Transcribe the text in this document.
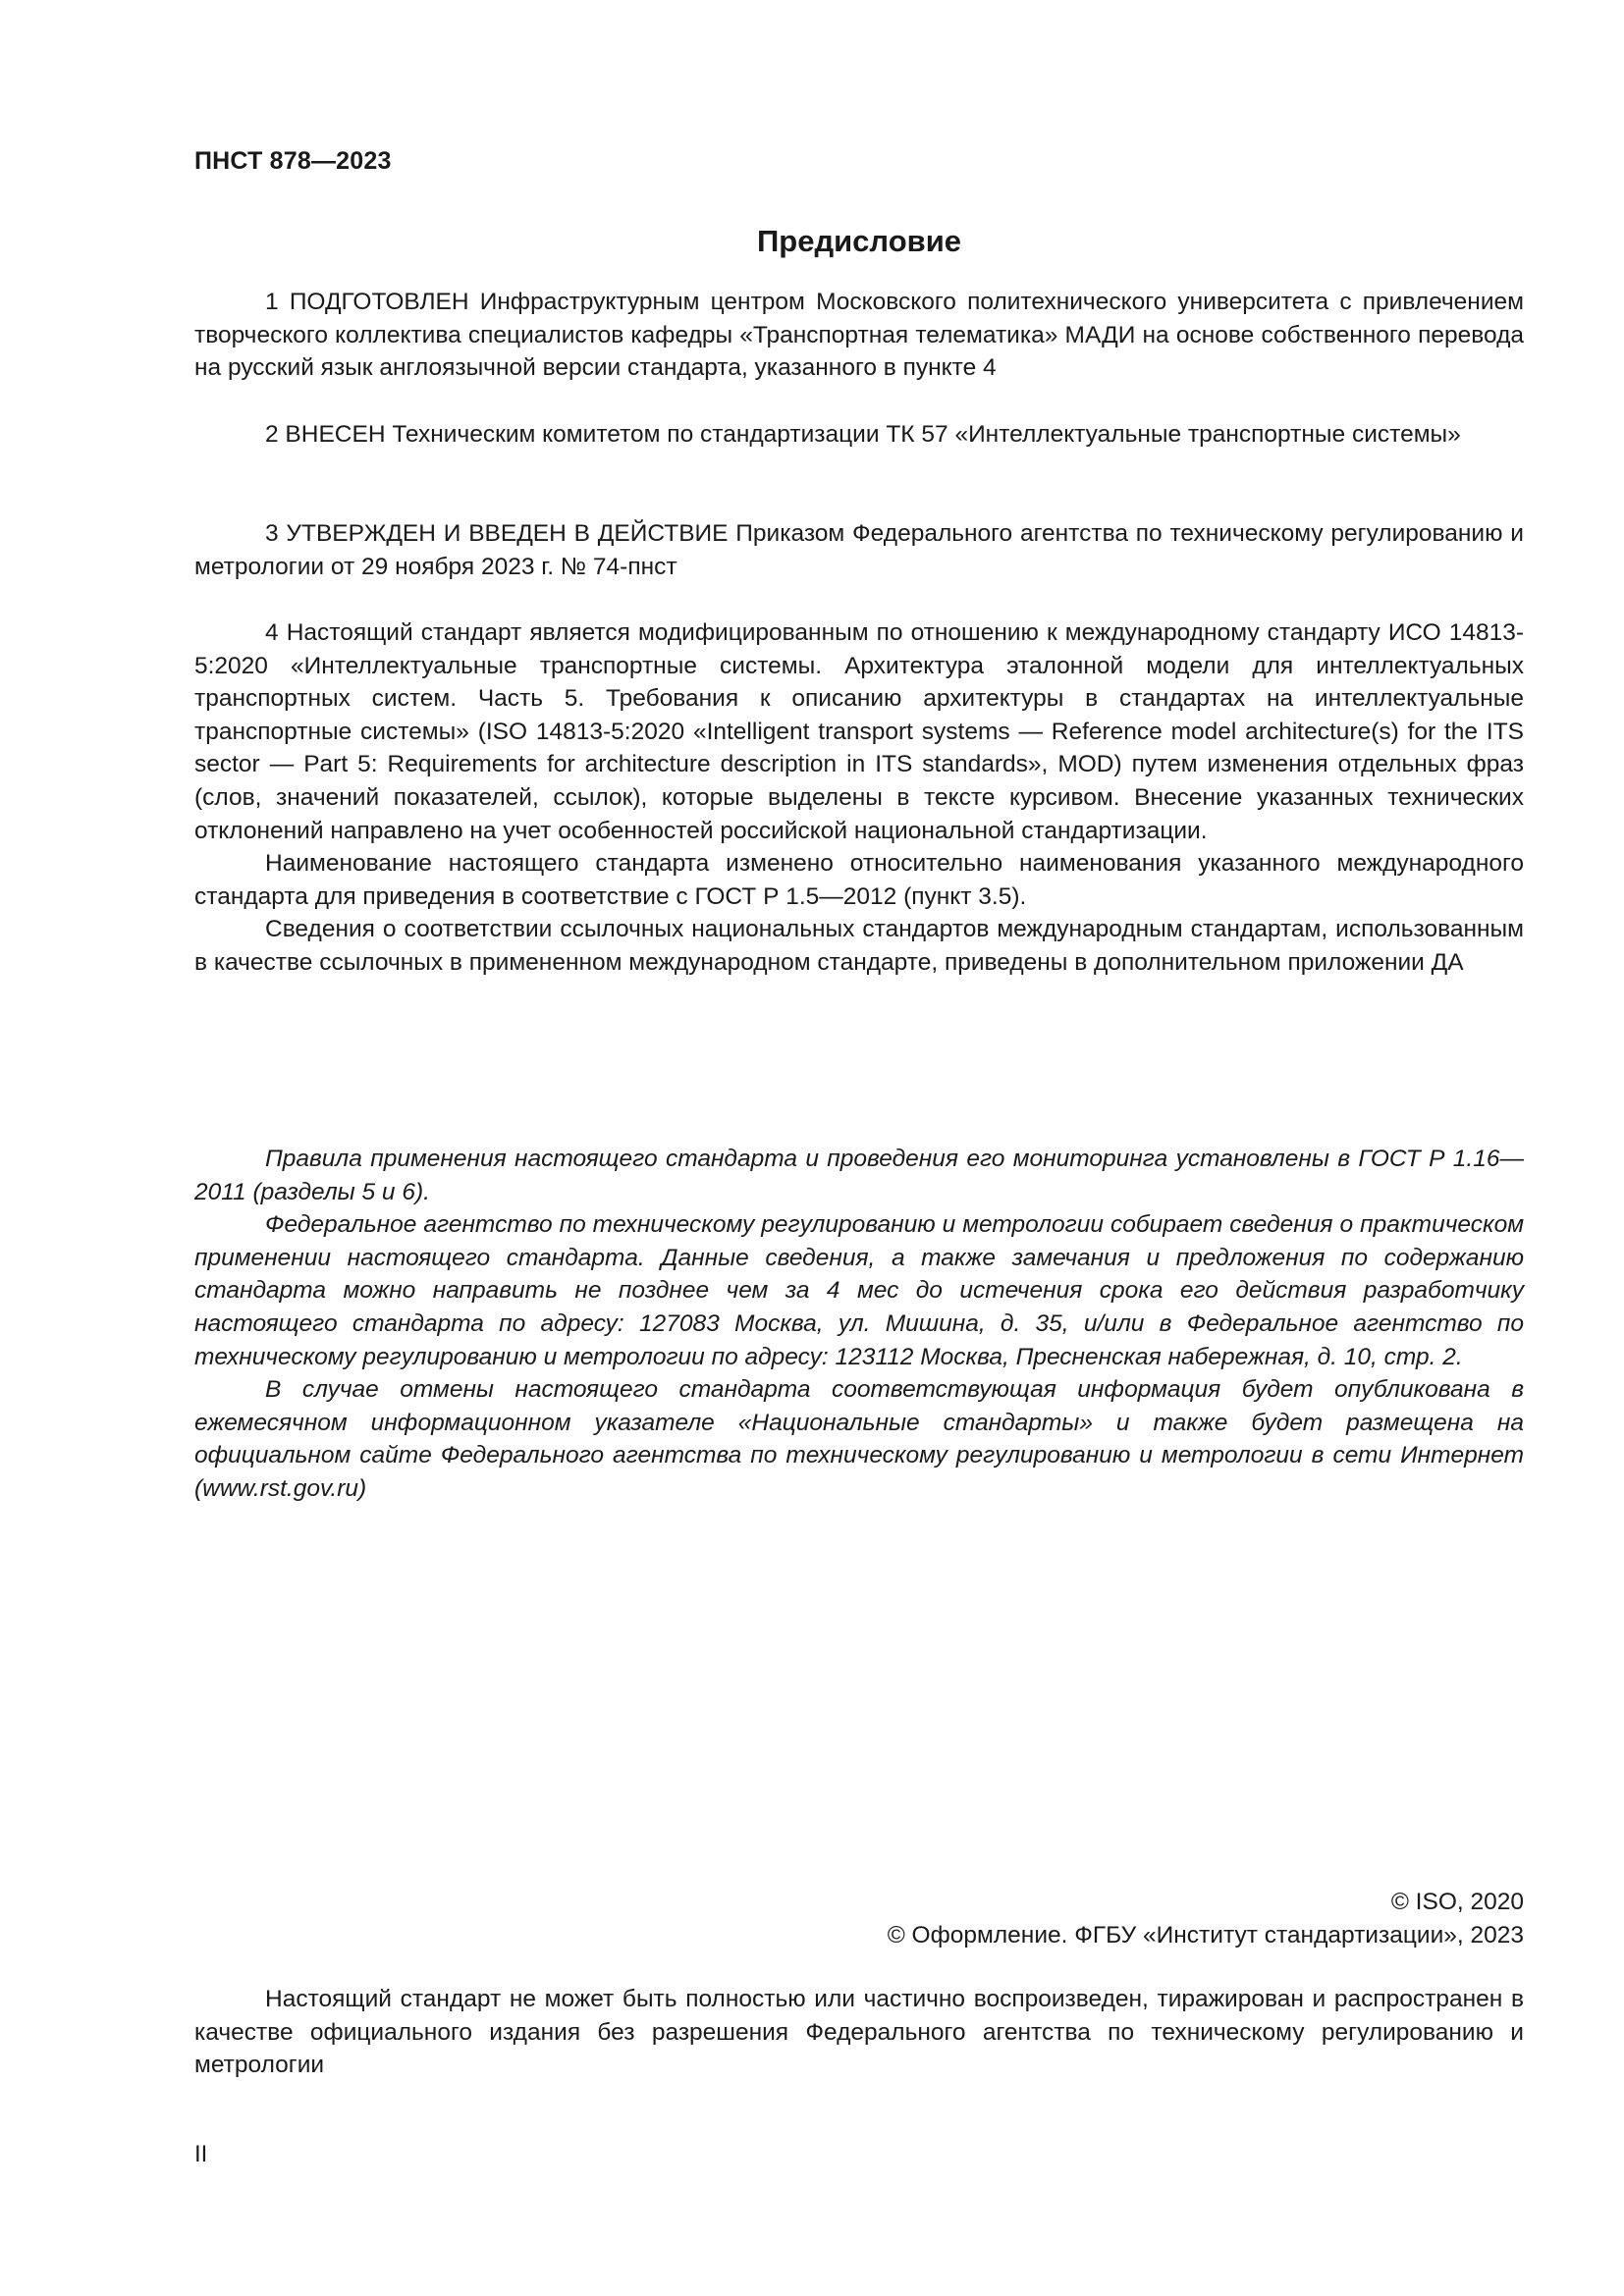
ПНСТ 878—2023
Предисловие

1 ПОДГОТОВЛЕН Инфраструктурным центром Московского политехнического университета с привлечением творческого коллектива специалистов кафедры «Транспортная телематика» МАДИ на основе собственного перевода на русский язык англоязычной версии стандарта, указанного в пункте 4

2 ВНЕСЕН Техническим комитетом по стандартизации ТК 57 «Интеллектуальные транспортные системы»

3 УТВЕРЖДЕН И ВВЕДЕН В ДЕЙСТВИЕ Приказом Федерального агентства по техническому регулированию и метрологии от 29 ноября 2023 г. № 74-пнст

4 Настоящий стандарт является модифицированным по отношению к международному стандарту ИСО 14813-5:2020 «Интеллектуальные транспортные системы. Архитектура эталонной модели для интеллектуальных транспортных систем. Часть 5. Требования к описанию архитектуры в стандартах на интеллектуальные транспортные системы» (ISO 14813-5:2020 «Intelligent transport systems — Reference model architecture(s) for the ITS sector — Part 5: Requirements for architecture description in ITS standards», MOD) путем изменения отдельных фраз (слов, значений показателей, ссылок), которые выделены в тексте курсивом. Внесение указанных технических отклонений направлено на учет особенностей российской национальной стандартизации.

Наименование настоящего стандарта изменено относительно наименования указанного международного стандарта для приведения в соответствие с ГОСТ Р 1.5—2012 (пункт 3.5).

Сведения о соответствии ссылочных национальных стандартов международным стандартам, использованным в качестве ссылочных в примененном международном стандарте, приведены в дополнительном приложении ДА

Правила применения настоящего стандарта и проведения его мониторинга установлены в ГОСТ Р 1.16—2011 (разделы 5 и 6).

Федеральное агентство по техническому регулированию и метрологии собирает сведения о практическом применении настоящего стандарта. Данные сведения, а также замечания и предложения по содержанию стандарта можно направить не позднее чем за 4 мес до истечения срока его действия разработчику настоящего стандарта по адресу: 127083 Москва, ул. Мишина, д. 35, и/или в Федеральное агентство по техническому регулированию и метрологии по адресу: 123112 Москва, Пресненская набережная, д. 10, стр. 2.

В случае отмены настоящего стандарта соответствующая информация будет опубликована в ежемесячном информационном указателе «Национальные стандарты» и также будет размещена на официальном сайте Федерального агентства по техническому регулированию и метрологии в сети Интернет (www.rst.gov.ru)

© ISO, 2020
© Оформление. ФГБУ «Институт стандартизации», 2023

Настоящий стандарт не может быть полностью или частично воспроизведен, тиражирован и распространен в качестве официального издания без разрешения Федерального агентства по техническому регулированию и метрологии

II
